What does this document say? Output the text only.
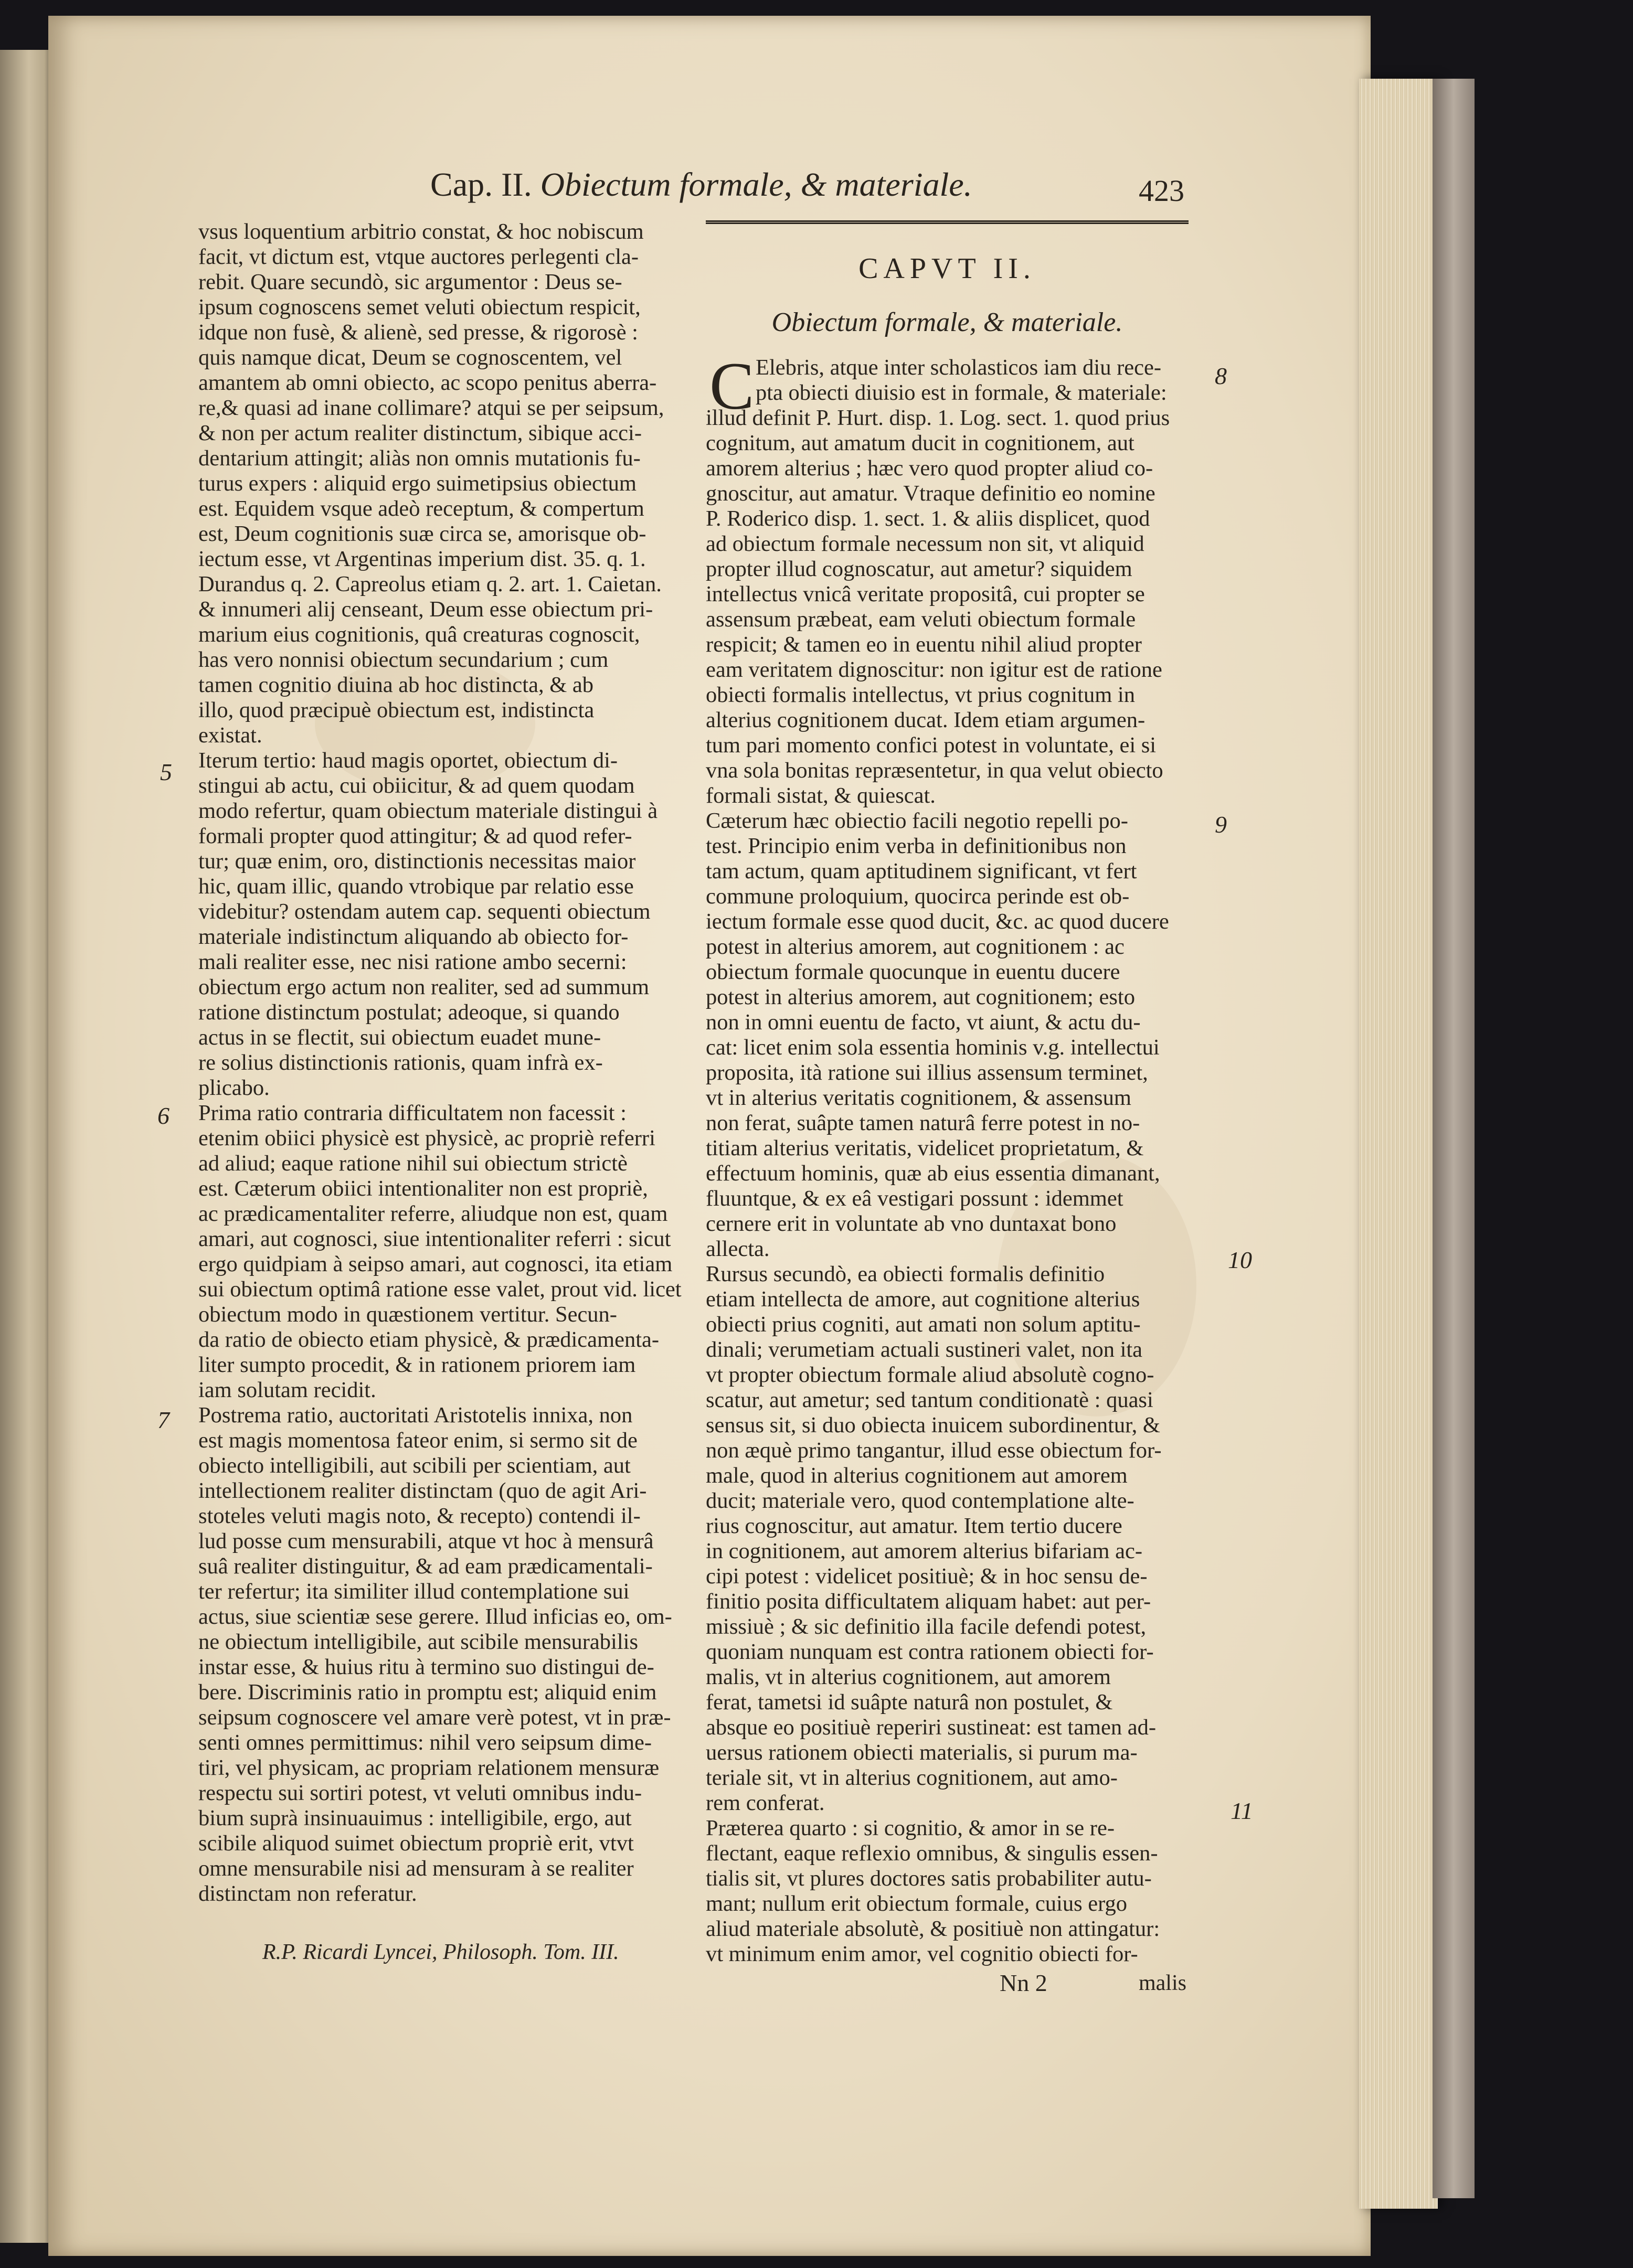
Cap. II. Obiectum formale, & materiale.	423
CAPVT II.
Obiectum formale, & materiale.
C
vsus loquentium arbitrio constat, & hoc nobiscum
facit, vt dictum est, vtque auctores perlegenti cla-
rebit. Quare secundò, sic argumentor : Deus se-
ipsum cognoscens semet veluti obiectum respicit,
idque non fusè, & alienè, sed presse, & rigorosè :
quis namque dicat, Deum se cognoscentem, vel
amantem ab omni obiecto, ac scopo penitus aberra-
re,& quasi ad inane collimare? atqui se per seipsum,
& non per actum realiter distinctum, sibique acci-
dentarium attingit; aliàs non omnis mutationis fu-
turus expers : aliquid ergo suimetipsius obiectum
est. Equidem vsque adeò receptum, & compertum
est, Deum cognitionis suæ circa se, amorisque ob-
iectum esse, vt Argentinas imperium dist. 35. q. 1.
Durandus q. 2. Capreolus etiam q. 2. art. 1. Caietan.
& innumeri alij censeant, Deum esse obiectum pri-
marium eius cognitionis, quâ creaturas cognoscit,
has vero nonnisi obiectum secundarium ; cum
tamen cognitio diuina ab hoc distincta, & ab
illo, quod præcipuè obiectum est, indistincta
existat.
Iterum tertio: haud magis oportet, obiectum di-
stingui ab actu, cui obiicitur, & ad quem quodam
modo refertur, quam obiectum materiale distingui à
formali propter quod attingitur; & ad quod refer-
tur; quæ enim, oro, distinctionis necessitas maior
hic, quam illic, quando vtrobique par relatio esse
videbitur? ostendam autem cap. sequenti obiectum
materiale indistinctum aliquando ab obiecto for-
mali realiter esse, nec nisi ratione ambo secerni:
obiectum ergo actum non realiter, sed ad summum
ratione distinctum postulat; adeoque, si quando
actus in se flectit, sui obiectum euadet mune-
re solius distinctionis rationis, quam infrà ex-
plicabo.
Prima ratio contraria difficultatem non facessit :
etenim obiici physicè est physicè, ac propriè referri
ad aliud; eaque ratione nihil sui obiectum strictè
est. Cæterum obiici intentionaliter non est propriè,
ac prædicamentaliter referre, aliudque non est, quam
amari, aut cognosci, siue intentionaliter referri : sicut
ergo quidpiam à seipso amari, aut cognosci, ita etiam
sui obiectum optimâ ratione esse valet, prout vid. licet
obiectum modo in quæstionem vertitur. Secun-
da ratio de obiecto etiam physicè, & prædicamenta-
liter sumpto procedit, & in rationem priorem iam
iam solutam recidit.
Postrema ratio, auctoritati Aristotelis innixa, non
est magis momentosa fateor enim, si sermo sit de
obiecto intelligibili, aut scibili per scientiam, aut
intellectionem realiter distinctam (quo de agit Ari-
stoteles veluti magis noto, & recepto) contendi il-
lud posse cum mensurabili, atque vt hoc à mensurâ
suâ realiter distinguitur, & ad eam prædicamentali-
ter refertur; ita similiter illud contemplatione sui
actus, siue scientiæ sese gerere. Illud inficias eo, om-
ne obiectum intelligibile, aut scibile mensurabilis
instar esse, & huius ritu à termino suo distingui de-
bere. Discriminis ratio in promptu est; aliquid enim
seipsum cognoscere vel amare verè potest, vt in præ-
senti omnes permittimus: nihil vero seipsum dime-
tiri, vel physicam, ac propriam relationem mensuræ
respectu sui sortiri potest, vt veluti omnibus indu-
bium suprà insinuauimus : intelligibile, ergo, aut
scibile aliquod suimet obiectum propriè erit, vtvt
omne mensurabile nisi ad mensuram à se realiter
distinctam non referatur.
Elebris, atque inter scholasticos iam diu rece-
pta obiecti diuisio est in formale, & materiale:
illud definit P. Hurt. disp. 1. Log. sect. 1. quod prius
cognitum, aut amatum ducit in cognitionem, aut
amorem alterius ; hæc vero quod propter aliud co-
gnoscitur, aut amatur. Vtraque definitio eo nomine
P. Roderico disp. 1. sect. 1. & aliis displicet, quod
ad obiectum formale necessum non sit, vt aliquid
propter illud cognoscatur, aut ametur? siquidem
intellectus vnicâ veritate propositâ, cui propter se
assensum præbeat, eam veluti obiectum formale
respicit; & tamen eo in euentu nihil aliud propter
eam veritatem dignoscitur: non igitur est de ratione
obiecti formalis intellectus, vt prius cognitum in
alterius cognitionem ducat. Idem etiam argumen-
tum pari momento confici potest in voluntate, ei si
vna sola bonitas repræsentetur, in qua velut obiecto
formali sistat, & quiescat.
Cæterum hæc obiectio facili negotio repelli po-
test. Principio enim verba in definitionibus non
tam actum, quam aptitudinem significant, vt fert
commune proloquium, quocirca perinde est ob-
iectum formale esse quod ducit, &c. ac quod ducere
potest in alterius amorem, aut cognitionem : ac
obiectum formale quocunque in euentu ducere
potest in alterius amorem, aut cognitionem; esto
non in omni euentu de facto, vt aiunt, & actu du-
cat: licet enim sola essentia hominis v.g. intellectui
proposita, ità ratione sui illius assensum terminet,
vt in alterius veritatis cognitionem, & assensum
non ferat, suâpte tamen naturâ ferre potest in no-
titiam alterius veritatis, videlicet proprietatum, &
effectuum hominis, quæ ab eius essentia dimanant,
fluuntque, & ex eâ vestigari possunt : idemmet
cernere erit in voluntate ab vno duntaxat bono
allecta.
Rursus secundò, ea obiecti formalis definitio
etiam intellecta de amore, aut cognitione alterius
obiecti prius cogniti, aut amati non solum aptitu-
dinali; verumetiam actuali sustineri valet, non ita
vt propter obiectum formale aliud absolutè cogno-
scatur, aut ametur; sed tantum conditionatè : quasi
sensus sit, si duo obiecta inuicem subordinentur, &
non æquè primo tangantur, illud esse obiectum for-
male, quod in alterius cognitionem aut amorem
ducit; materiale vero, quod contemplatione alte-
rius cognoscitur, aut amatur. Item tertio ducere
in cognitionem, aut amorem alterius bifariam ac-
cipi potest : videlicet positiuè; & in hoc sensu de-
finitio posita difficultatem aliquam habet: aut per-
missiuè ; & sic definitio illa facile defendi potest,
quoniam nunquam est contra rationem obiecti for-
malis, vt in alterius cognitionem, aut amorem
ferat, tametsi id suâpte naturâ non postulet, &
absque eo positiuè reperiri sustineat: est tamen ad-
uersus rationem obiecti materialis, si purum ma-
teriale sit, vt in alterius cognitionem, aut amo-
rem conferat.
Præterea quarto : si cognitio, & amor in se re-
flectant, eaque reflexio omnibus, & singulis essen-
tialis sit, vt plures doctores satis probabiliter autu-
mant; nullum erit obiectum formale, cuius ergo
aliud materiale absolutè, & positiuè non attingatur:
vt minimum enim amor, vel cognitio obiecti for-
5
6
7
8
9
10
11
R.P. Ricardi Lyncei, Philosoph. Tom. III.
Nn 2	malis
